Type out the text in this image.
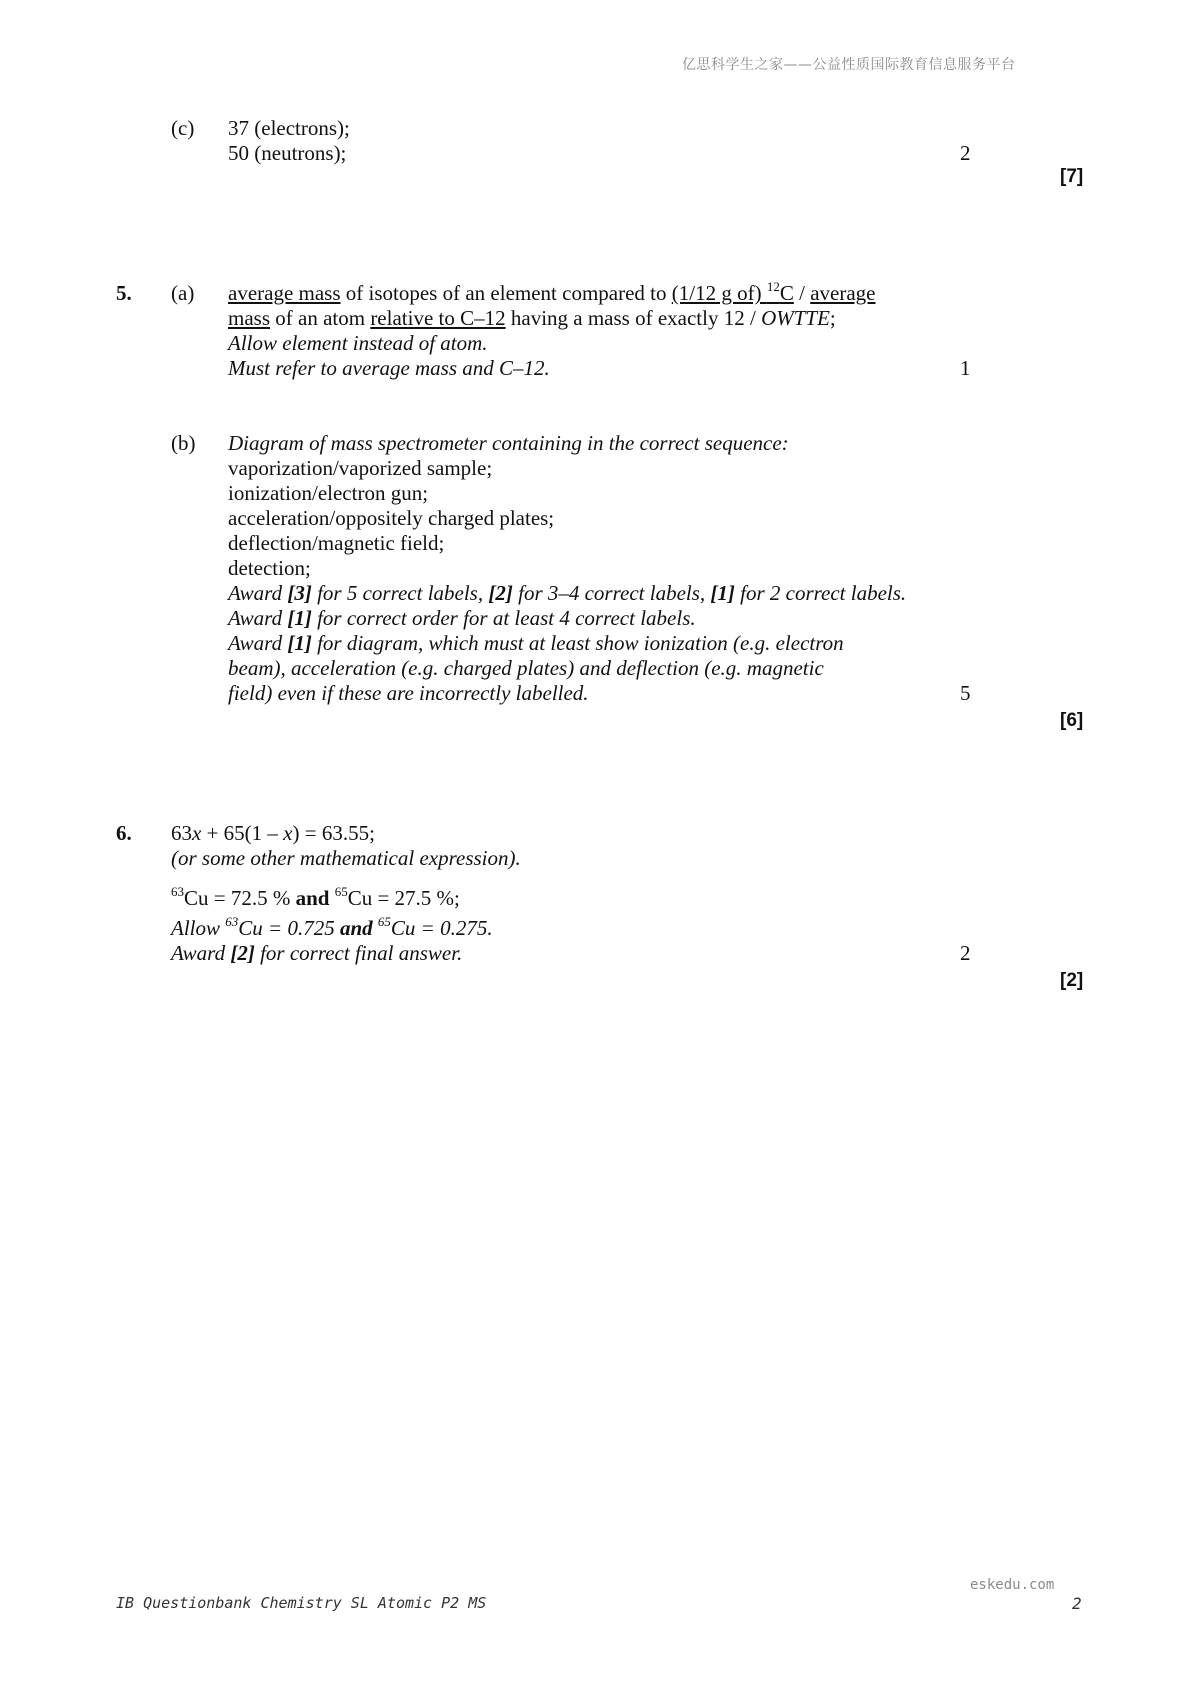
亿思科学生之家——公益性质国际教育信息服务平台
(c) 37 (electrons);
50 (neutrons);	2
[7]
5. (a) average mass of isotopes of an element compared to (1/12 g of) $^{12}$C / average
mass of an atom relative to C–12 having a mass of exactly 12 / OWTTE;
Allow element instead of atom.
Must refer to average mass and C–12.	1
(b) Diagram of mass spectrometer containing in the correct sequence:
vaporization/vaporized sample;
ionization/electron gun;
acceleration/oppositely charged plates;
deflection/magnetic field;
detection;
Award [3] for 5 correct labels, [2] for 3–4 correct labels, [1] for 2 correct labels.
Award [1] for correct order for at least 4 correct labels.
Award [1] for diagram, which must at least show ionization (e.g. electron
beam), acceleration (e.g. charged plates) and deflection (e.g. magnetic
field) even if these are incorrectly labelled.	5
[6]
6. 63x + 65(1 – x) = 63.55;
(or some other mathematical expression).
$^{63}$Cu = 72.5 % and $^{65}$Cu = 27.5 %;
Allow $^{63}$Cu = 0.725 and $^{65}$Cu = 0.275.
Award [2] for correct final answer.	2
[2]
eskedu.com
IB Questionbank Chemistry SL Atomic P2 MS	2
